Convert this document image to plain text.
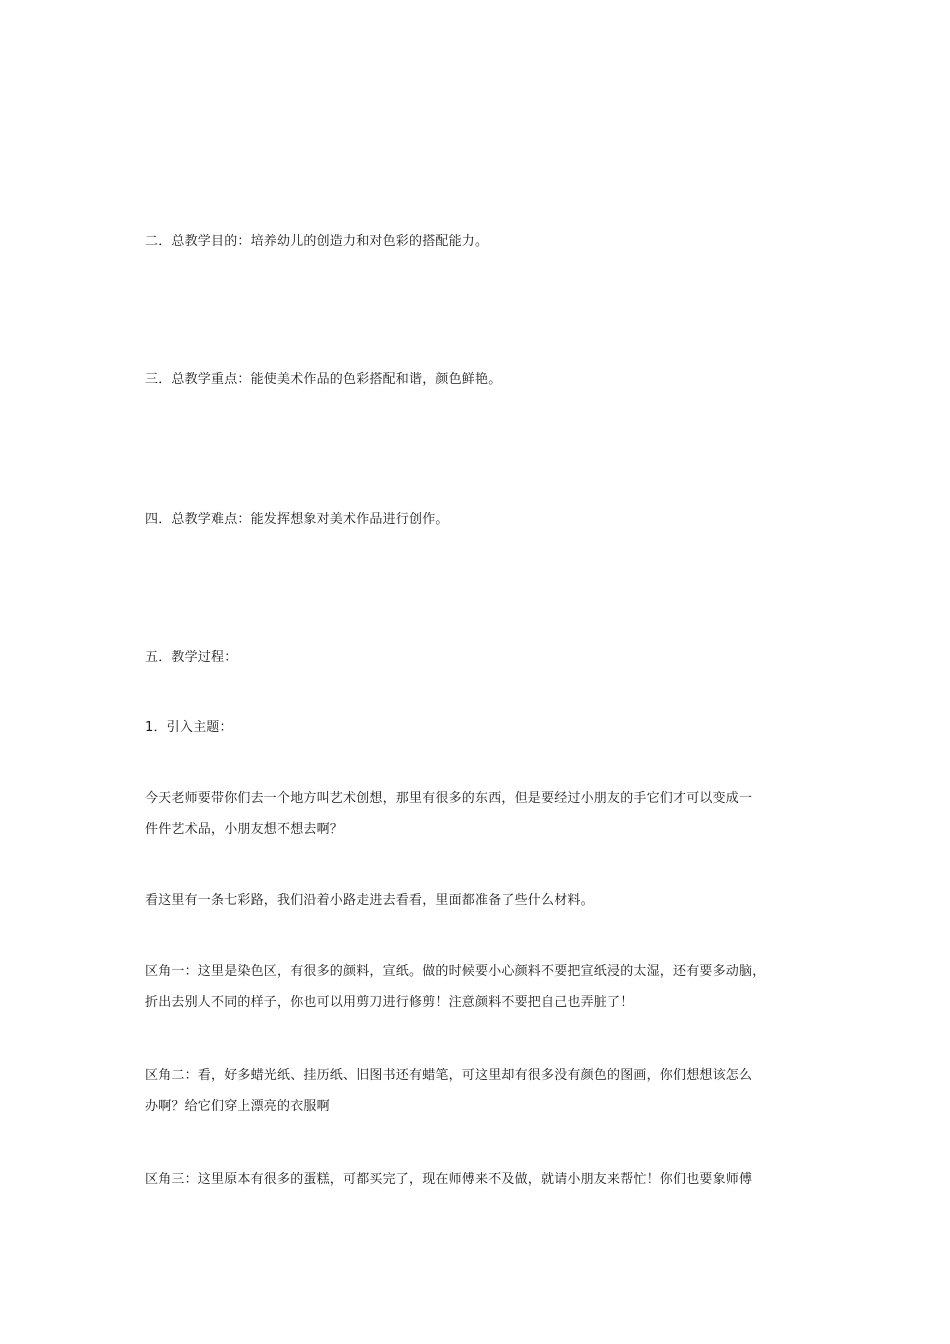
二．总教学目的：培养幼儿的创造力和对色彩的搭配能力。

三．总教学重点：能使美术作品的色彩搭配和谐，颜色鲜艳。

四．总教学难点：能发挥想象对美术作品进行创作。

五．教学过程：

1．引入主题：

今天老师要带你们去一个地方叫艺术创想，那里有很多的东西，但是要经过小朋友的手它们才可以变成一
件件艺术品，小朋友想不想去啊？

看这里有一条七彩路，我们沿着小路走进去看看，里面都准备了些什么材料。

区角一：这里是染色区，有很多的颜料，宣纸。做的时候要小心颜料不要把宣纸浸的太湿，还有要多动脑，
折出去别人不同的样子，你也可以用剪刀进行修剪！注意颜料不要把自己也弄脏了！

区角二：看，好多蜡光纸、挂历纸、旧图书还有蜡笔，可这里却有很多没有颜色的图画，你们想想该怎么
办啊？给它们穿上漂亮的衣服啊

区角三：这里原本有很多的蛋糕，可都买完了，现在师傅来不及做，就请小朋友来帮忙！你们也要象师傅
